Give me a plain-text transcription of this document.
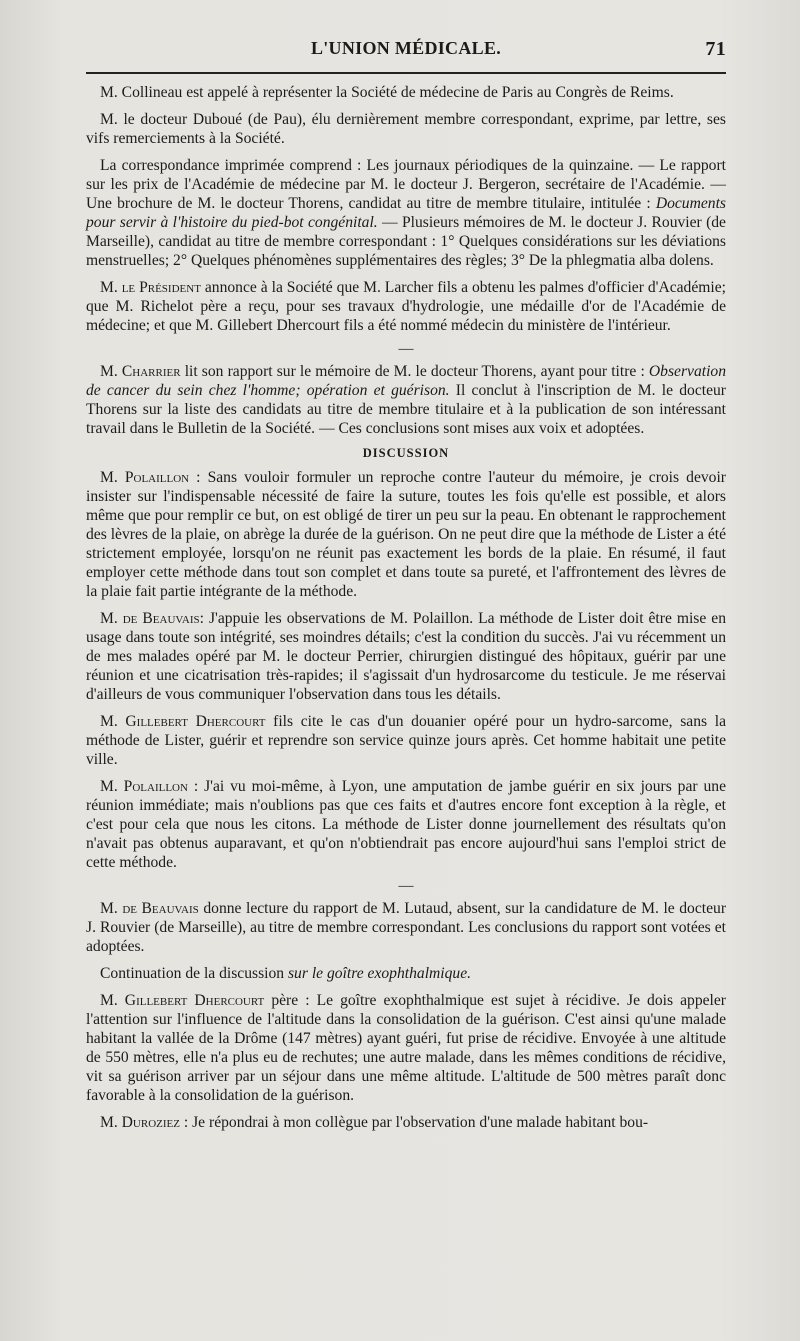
L'UNION MÉDICALE.	71

M. Collineau est appelé à représenter la Société de médecine de Paris au Congrès de Reims.

M. le docteur Duboué (de Pau), élu dernièrement membre correspondant, exprime, par lettre, ses vifs remerciements à la Société.

La correspondance imprimée comprend : Les journaux périodiques de la quinzaine. — Le rapport sur les prix de l'Académie de médecine par M. le docteur J. Bergeron, secrétaire de l'Académie. — Une brochure de M. le docteur Thorens, candidat au titre de membre titulaire, intitulée : Documents pour servir à l'histoire du pied-bot congénital. — Plusieurs mémoires de M. le docteur J. Rouvier (de Marseille), candidat au titre de membre correspondant : 1° Quelques considérations sur les déviations menstruelles; 2° Quelques phénomènes supplémentaires des règles; 3° De la phlegmatia alba dolens.

M. le Président annonce à la Société que M. Larcher fils a obtenu les palmes d'officier d'Académie; que M. Richelot père a reçu, pour ses travaux d'hydrologie, une médaille d'or de l'Académie de médecine; et que M. Gillebert Dhercourt fils a été nommé médecin du ministère de l'intérieur.

—

M. Charrier lit son rapport sur le mémoire de M. le docteur Thorens, ayant pour titre : Observation de cancer du sein chez l'homme; opération et guérison. Il conclut à l'inscription de M. le docteur Thorens sur la liste des candidats au titre de membre titulaire et à la publication de son intéressant travail dans le Bulletin de la Société. — Ces conclusions sont mises aux voix et adoptées.

DISCUSSION

M. Polaillon : Sans vouloir formuler un reproche contre l'auteur du mémoire, je crois devoir insister sur l'indispensable nécessité de faire la suture, toutes les fois qu'elle est possible, et alors même que pour remplir ce but, on est obligé de tirer un peu sur la peau. En obtenant le rapprochement des lèvres de la plaie, on abrège la durée de la guérison. On ne peut dire que la méthode de Lister a été strictement employée, lorsqu'on ne réunit pas exactement les bords de la plaie. En résumé, il faut employer cette méthode dans tout son complet et dans toute sa pureté, et l'affrontement des lèvres de la plaie fait partie intégrante de la méthode.

M. de Beauvais: J'appuie les observations de M. Polaillon. La méthode de Lister doit être mise en usage dans toute son intégrité, ses moindres détails; c'est la condition du succès. J'ai vu récemment un de mes malades opéré par M. le docteur Perrier, chirurgien distingué des hôpitaux, guérir par une réunion et une cicatrisation très-rapides; il s'agissait d'un hydrosarcome du testicule. Je me réservai d'ailleurs de vous communiquer l'observation dans tous les détails.

M. Gillebert Dhercourt fils cite le cas d'un douanier opéré pour un hydro-sarcome, sans la méthode de Lister, guérir et reprendre son service quinze jours après. Cet homme habitait une petite ville.

M. Polaillon : J'ai vu moi-même, à Lyon, une amputation de jambe guérir en six jours par une réunion immédiate; mais n'oublions pas que ces faits et d'autres encore font exception à la règle, et c'est pour cela que nous les citons. La méthode de Lister donne journellement des résultats qu'on n'avait pas obtenus auparavant, et qu'on n'obtiendrait pas encore aujourd'hui sans l'emploi strict de cette méthode.

—

M. de Beauvais donne lecture du rapport de M. Lutaud, absent, sur la candidature de M. le docteur J. Rouvier (de Marseille), au titre de membre correspondant. Les conclusions du rapport sont votées et adoptées.

Continuation de la discussion sur le goître exophthalmique.

M. Gillebert Dhercourt père : Le goître exophthalmique est sujet à récidive. Je dois appeler l'attention sur l'influence de l'altitude dans la consolidation de la guérison. C'est ainsi qu'une malade habitant la vallée de la Drôme (147 mètres) ayant guéri, fut prise de récidive. Envoyée à une altitude de 550 mètres, elle n'a plus eu de rechutes; une autre malade, dans les mêmes conditions de récidive, vit sa guérison arriver par un séjour dans une même altitude. L'altitude de 500 mètres paraît donc favorable à la consolidation de la guérison.

M. Duroziez : Je répondrai à mon collègue par l'observation d'une malade habitant bou-
